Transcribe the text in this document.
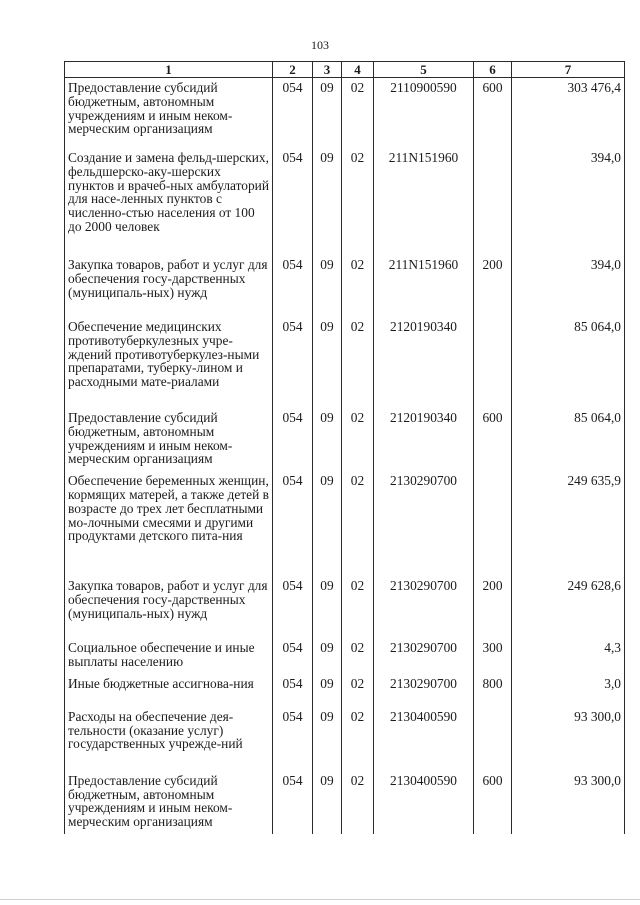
103
1	2	3	4	5	6	7
Предоставление субсидий бюджетным, автономным учреждениям и иным неком-мерческим организациям	054	09	02	2110900590	600	303 476,4
Создание и замена фельд-шерских, фельдшерско-аку-шерских пунктов и врачеб-ных амбулаторий для насе-ленных пунктов с численно-стью населения от 100 до 2000 человек	054	09	02	211N151960		394,0
Закупка товаров, работ и услуг для обеспечения госу-дарственных (муниципаль-ных) нужд	054	09	02	211N151960	200	394,0
Обеспечение медицинских противотуберкулезных учре-ждений противотуберкулез-ными препаратами, туберку-лином и расходными мате-риалами	054	09	02	2120190340		85 064,0
Предоставление субсидий бюджетным, автономным учреждениям и иным неком-мерческим организациям	054	09	02	2120190340	600	85 064,0
Обеспечение беременных женщин, кормящих матерей, а также детей в возрасте до трех лет бесплатными мо-лочными смесями и другими продуктами детского пита-ния	054	09	02	2130290700		249 635,9
Закупка товаров, работ и услуг для обеспечения госу-дарственных (муниципаль-ных) нужд	054	09	02	2130290700	200	249 628,6
Социальное обеспечение и иные выплаты населению	054	09	02	2130290700	300	4,3
Иные бюджетные ассигнова-ния	054	09	02	2130290700	800	3,0
Расходы на обеспечение дея-тельности (оказание услуг) государственных учрежде-ний	054	09	02	2130400590		93 300,0
Предоставление субсидий бюджетным, автономным учреждениям и иным неком-мерческим организациям	054	09	02	2130400590	600	93 300,0
